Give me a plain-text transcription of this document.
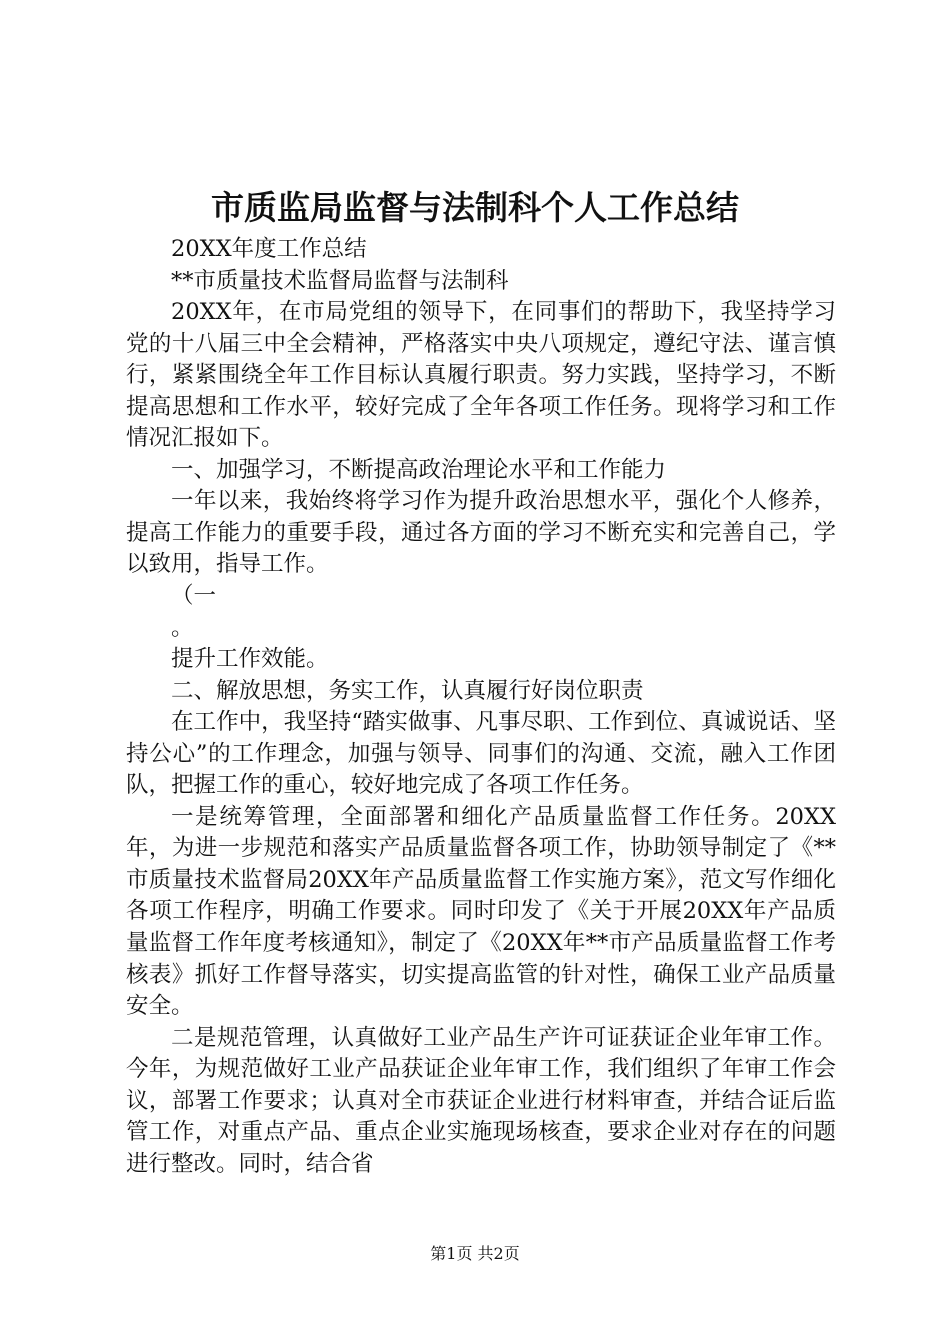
市质监局监督与法制科个人工作总结

20XX年度工作总结

**市质量技术监督局监督与法制科

20XX年，在市局党组的领导下，在同事们的帮助下，我坚持学习党的十八届三中全会精神，严格落实中央八项规定，遵纪守法、谨言慎行，紧紧围绕全年工作目标认真履行职责。努力实践，坚持学习，不断提高思想和工作水平，较好完成了全年各项工作任务。现将学习和工作情况汇报如下。

一、加强学习，不断提高政治理论水平和工作能力

一年以来，我始终将学习作为提升政治思想水平，强化个人修养，提高工作能力的重要手段，通过各方面的学习不断充实和完善自己，学以致用，指导工作。

（一

。

提升工作效能。

二、解放思想，务实工作，认真履行好岗位职责

在工作中，我坚持“踏实做事、凡事尽职、工作到位、真诚说话、坚持公心”的工作理念，加强与领导、同事们的沟通、交流，融入工作团队，把握工作的重心，较好地完成了各项工作任务。

一是统筹管理，全面部署和细化产品质量监督工作任务。20XX年，为进一步规范和落实产品质量监督各项工作，协助领导制定了《**市质量技术监督局20XX年产品质量监督工作实施方案》，范文写作细化各项工作程序，明确工作要求。同时印发了《关于开展20XX年产品质量监督工作年度考核通知》，制定了《20XX年**市产品质量监督工作考核表》抓好工作督导落实，切实提高监管的针对性，确保工业产品质量安全。

二是规范管理，认真做好工业产品生产许可证获证企业年审工作。今年，为规范做好工业产品获证企业年审工作，我们组织了年审工作会议，部署工作要求；认真对全市获证企业进行材料审查，并结合证后监管工作，对重点产品、重点企业实施现场核查，要求企业对存在的问题进行整改。同时，结合省

第1页 共2页
